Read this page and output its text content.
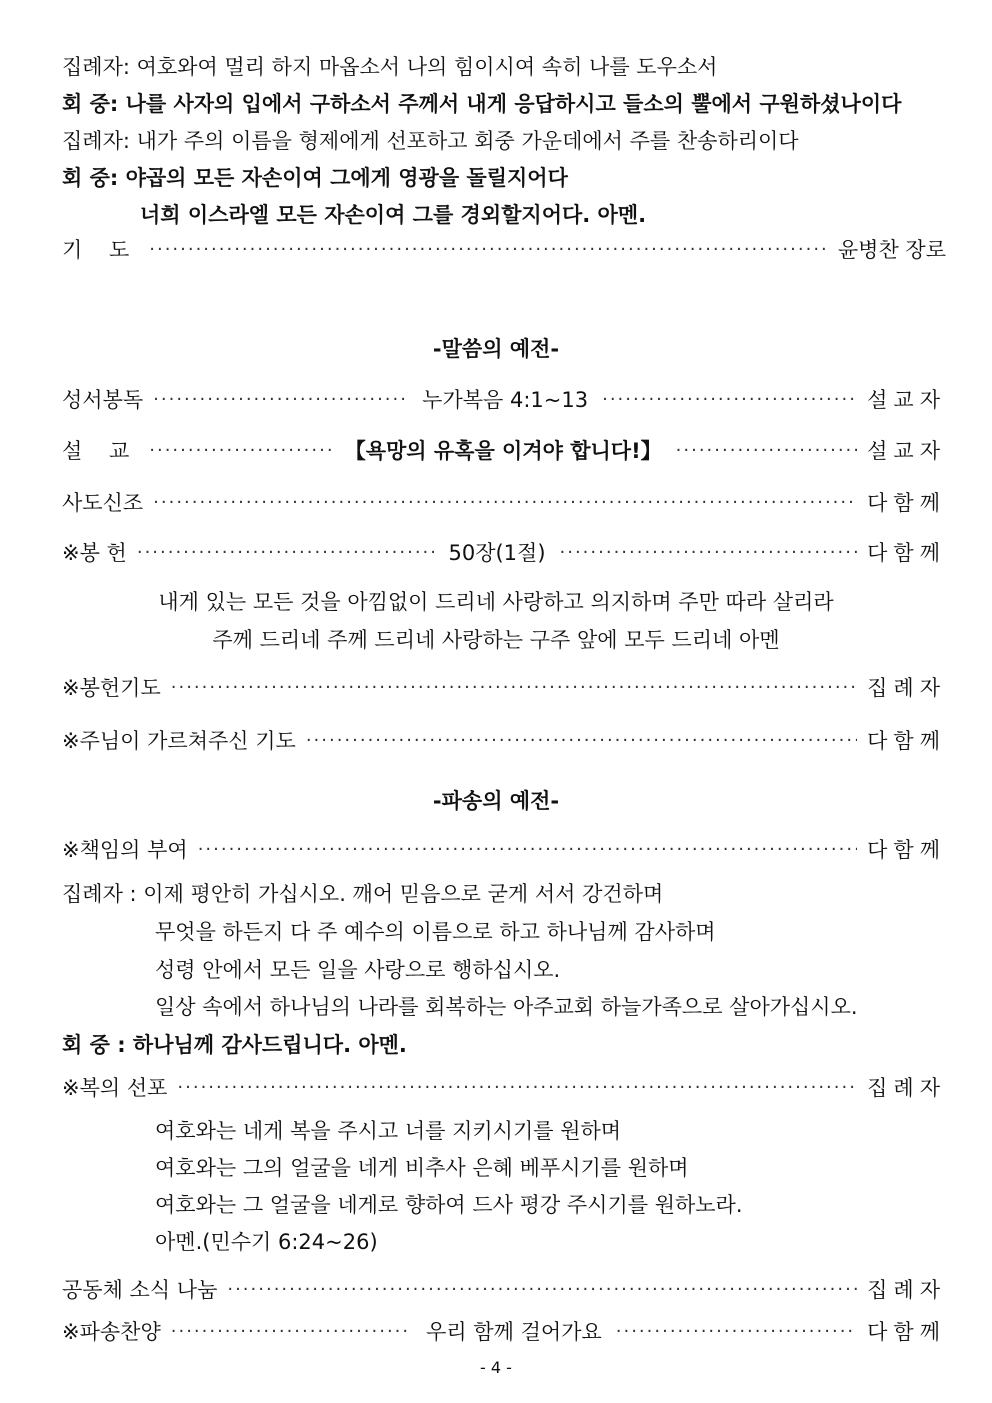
집례자: 여호와여 멀리 하지 마옵소서 나의 힘이시여 속히 나를 도우소서
회 중: 나를 사자의 입에서 구하소서 주께서 내게 응답하시고 들소의 뿔에서 구원하셨나이다
집례자: 내가 주의 이름을 형제에게 선포하고 회중 가운데에서 주를 찬송하리이다
회 중: 야곱의 모든 자손이여 그에게 영광을 돌릴지어다
너희 이스라엘 모든 자손이여 그를 경외할지어다. 아멘.
기 도 ·····	윤병찬 장로
-말씀의 예전-
성서봉독 ·····	누가복음 4:1~13 ·····	설교자
설 교 ·····	【욕망의 유혹을 이겨야 합니다!】 ·····	설교자
사도신조 ·····	다함께
※봉 헌 ·····	50장(1절) ·····	다함께
내게 있는 모든 것을 아낌없이 드리네 사랑하고 의지하며 주만 따라 살리라
주께 드리네 주께 드리네 사랑하는 구주 앞에 모두 드리네 아멘
※봉헌기도 ·····	집례자
※주님이 가르쳐주신 기도 ·····	다함께
-파송의 예전-
※책임의 부여 ·····	다함께
집례자 : 이제 평안히 가십시오. 깨어 믿음으로 굳게 서서 강건하며
무엇을 하든지 다 주 예수의 이름으로 하고 하나님께 감사하며
성령 안에서 모든 일을 사랑으로 행하십시오.
일상 속에서 하나님의 나라를 회복하는 아주교회 하늘가족으로 살아가십시오.
회 중 : 하나님께 감사드립니다. 아멘.
※복의 선포 ·····	집례자
여호와는 네게 복을 주시고 너를 지키시기를 원하며
여호와는 그의 얼굴을 네게 비추사 은혜 베푸시기를 원하며
여호와는 그 얼굴을 네게로 향하여 드사 평강 주시기를 원하노라.
아멘.(민수기 6:24~26)
공동체 소식 나눔 ·····	집례자
※파송찬양 ·····	우리 함께 걸어가요 ·····	다함께
- 4 -
